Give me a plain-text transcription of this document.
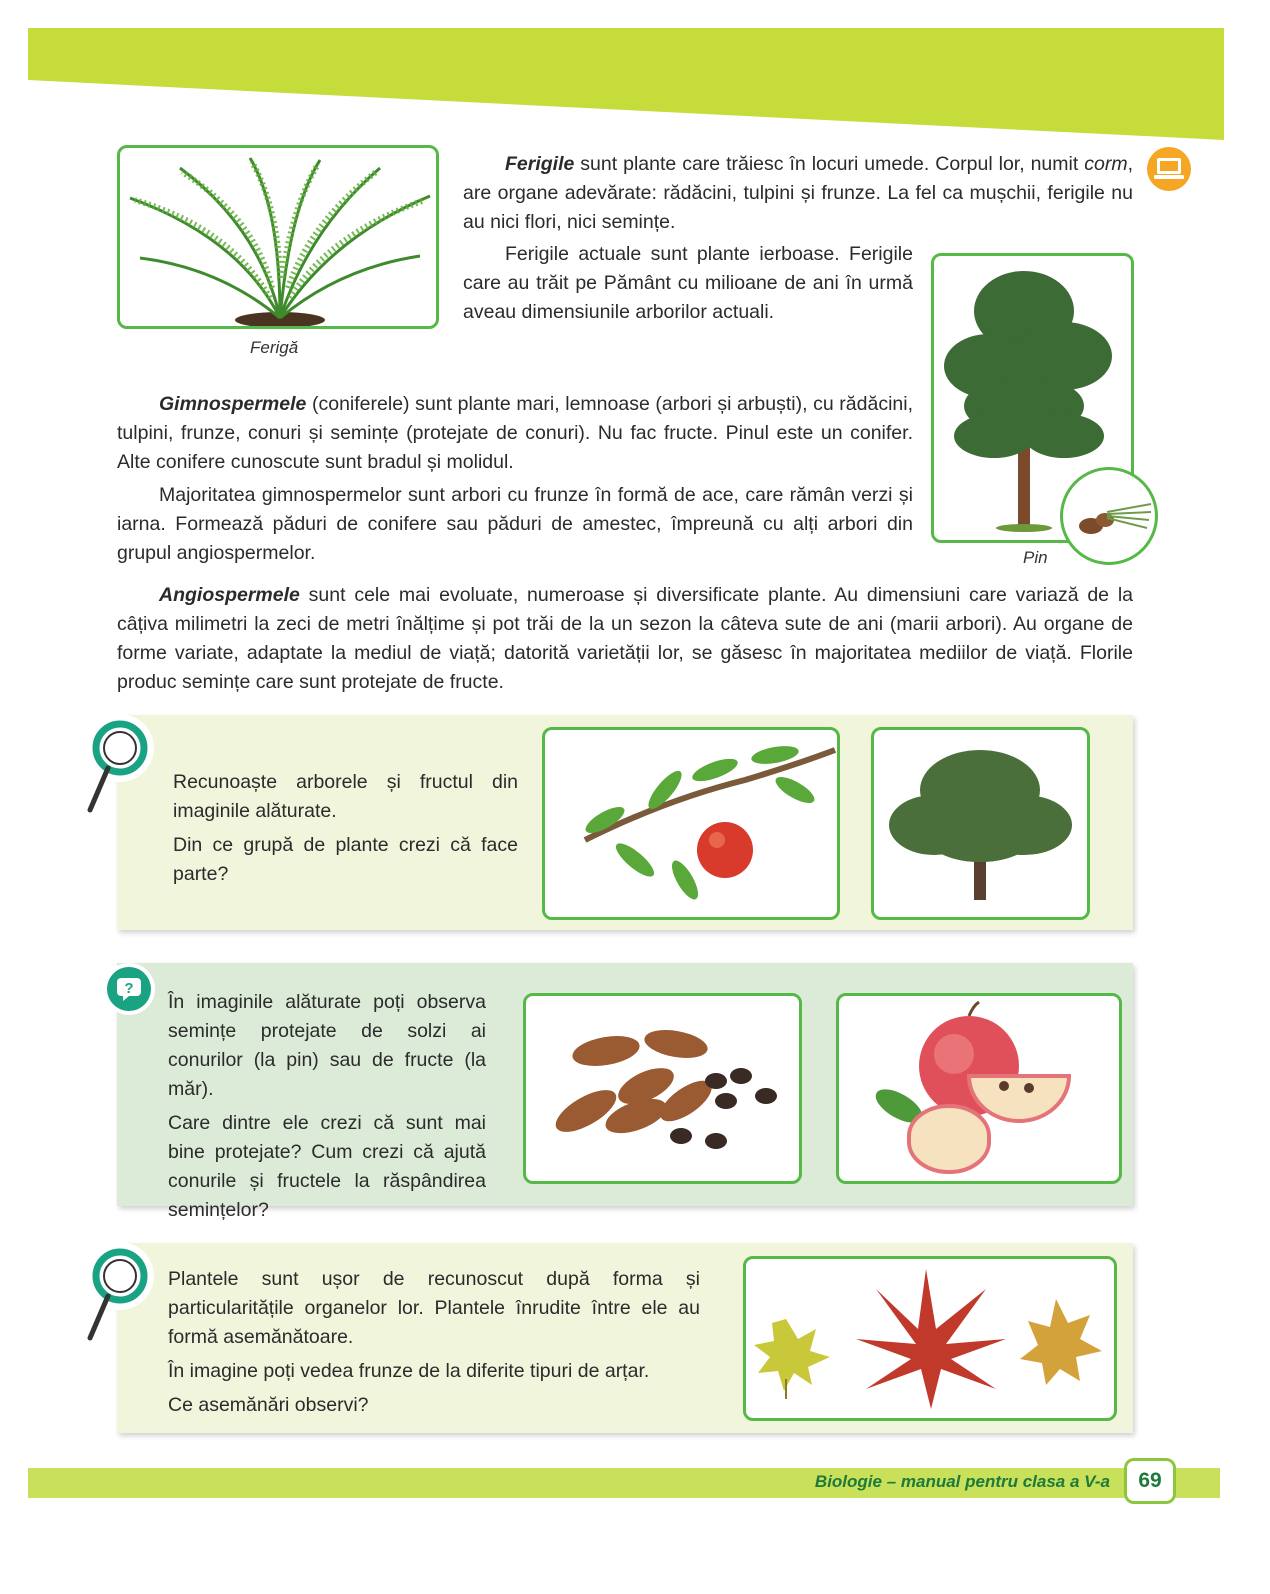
Ferigă

Ferigile sunt plante care trăiesc în locuri umede. Corpul lor, numit corm, are organe adevărate: rădăcini, tulpini și frunze. La fel ca mușchii, ferigile nu au nici flori, nici semințe.

Ferigile actuale sunt plante ierboase. Ferigile care au trăit pe Pământ cu milioane de ani în urmă aveau dimensiunile arborilor actuali.

Pin

Gimnospermele (coniferele) sunt plante mari, lemnoase (arbori și arbuști), cu rădăcini, tulpini, frunze, conuri și semințe (protejate de conuri). Nu fac fructe. Pinul este un conifer. Alte conifere cunoscute sunt bradul și molidul.

Majoritatea gimnospermelor sunt arbori cu frunze în formă de ace, care rămân verzi și iarna. Formează păduri de conifere sau păduri de amestec, împreună cu alți arbori din grupul angiospermelor.

Angiospermele sunt cele mai evoluate, numeroase și diversificate plante. Au dimensiuni care variază de la câțiva milimetri la zeci de metri înălțime și pot trăi de la un sezon la câteva sute de ani (marii arbori). Au organe de forme variate, adaptate la mediul de viață; datorită varietății lor, se găsesc în majoritatea mediilor de viață. Florile produc semințe care sunt protejate de fructe.

Recunoaște arborele și fructul din imaginile alăturate.

Din ce grupă de plante crezi că face parte?

?

În imaginile alăturate poți observa semințe protejate de solzi ai conurilor (la pin) sau de fructe (la măr).

Care dintre ele crezi că sunt mai bine protejate? Cum crezi că ajută conurile și fructele la răspândirea semințelor?

Plantele sunt ușor de recunoscut după forma și particularitățile organelor lor. Plantele înrudite între ele au formă asemănătoare.

În imagine poți vedea frunze de la diferite tipuri de arțar.

Ce asemănări observi?

Biologie – manual pentru clasa a V-a	69
